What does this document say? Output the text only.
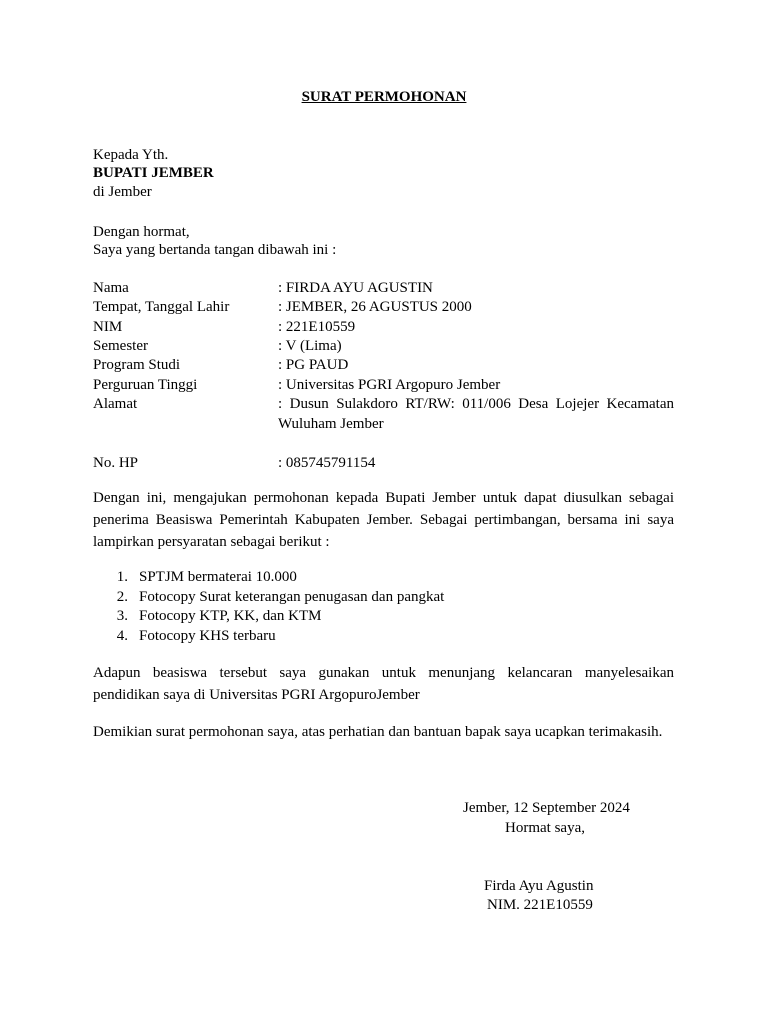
SURAT PERMOHONAN
Kepada Yth.
BUPATI JEMBER
di Jember
Dengan hormat,
Saya yang bertanda tangan dibawah ini :
Nama	: FIRDA AYU AGUSTIN
Tempat, Tanggal Lahir	: JEMBER, 26 AGUSTUS 2000
NIM	: 221E10559
Semester	: V (Lima)
Program Studi	: PG PAUD
Perguruan Tinggi	: Universitas PGRI Argopuro Jember
Alamat	: Dusun Sulakdoro RT/RW: 011/006 Desa Lojejer Kecamatan Wuluham Jember
No. HP	: 085745791154
Dengan ini, mengajukan permohonan kepada Bupati Jember untuk dapat diusulkan sebagai penerima Beasiswa Pemerintah Kabupaten Jember. Sebagai pertimbangan, bersama ini saya lampirkan persyaratan sebagai berikut :
1. SPTJM bermaterai 10.000
2. Fotocopy Surat keterangan penugasan dan pangkat
3. Fotocopy KTP, KK, dan KTM
4. Fotocopy KHS terbaru
Adapun beasiswa tersebut saya gunakan untuk menunjang kelancaran manyelesaikan pendidikan saya di Universitas PGRI ArgopuroJember
Demikian surat permohonan saya, atas perhatian dan bantuan bapak saya ucapkan terimakasih.
Jember, 12 September 2024
Hormat saya,
Firda Ayu Agustin
NIM. 221E10559
